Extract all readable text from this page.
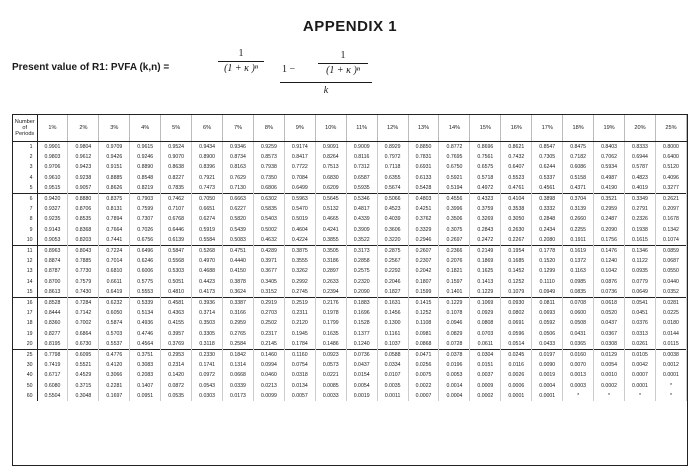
APPENDIX 1
Present value of R1: PVFA (k,n) =
1
(1 + κ )ⁿ	1 −
1
(1 + κ )ⁿ
k
Number of Periods	1%	2%	3%	4%	5%	6%	7%	8%	9%	10%	11%	12%	13%	14%	15%	16%	17%	18%	19%	20%	25%
1	0.9901	0.9804	0.9709	0.9615	0.9524	0.9434	0.9346	0.9259	0.9174	0.9091	0.9009	0.8929	0.8850	0.8772	0.8696	0.8621	0.8547	0.8475	0.8403	0.8333	0.8000
2	0.9803	0.9612	0.9426	0.9246	0.9070	0.8900	0.8734	0.8573	0.8417	0.8264	0.8116	0.7972	0.7831	0.7695	0.7561	0.7432	0.7305	0.7182	0.7062	0.6944	0.6400
3	0.9706	0.9423	0.9151	0.8890	0.8638	0.8396	0.8163	0.7938	0.7722	0.7513	0.7312	0.7118	0.6931	0.6750	0.6575	0.6407	0.6244	0.6086	0.5934	0.5787	0.5120
4	0.9610	0.9238	0.8885	0.8548	0.8227	0.7921	0.7629	0.7350	0.7084	0.6830	0.6587	0.6355	0.6133	0.5921	0.5718	0.5523	0.5337	0.5158	0.4987	0.4823	0.4096
5	0.9515	0.9057	0.8626	0.8219	0.7835	0.7473	0.7130	0.6806	0.6499	0.6209	0.5935	0.5674	0.5428	0.5194	0.4972	0.4761	0.4561	0.4371	0.4190	0.4019	0.3277
6	0.9420	0.8880	0.8375	0.7903	0.7462	0.7050	0.6663	0.6302	0.5963	0.5645	0.5346	0.5066	0.4803	0.4556	0.4323	0.4104	0.3898	0.3704	0.3521	0.3349	0.2621
7	0.9327	0.8706	0.8131	0.7599	0.7107	0.6651	0.6227	0.5835	0.5470	0.5132	0.4817	0.4523	0.4251	0.3996	0.3759	0.3538	0.3332	0.3139	0.2959	0.2791	0.2097
8	0.9235	0.8535	0.7894	0.7307	0.6768	0.6274	0.5820	0.5403	0.5019	0.4665	0.4339	0.4039	0.3762	0.3506	0.3269	0.3050	0.2848	0.2660	0.2487	0.2326	0.1678
9	0.9143	0.8368	0.7664	0.7026	0.6446	0.5919	0.5439	0.5002	0.4604	0.4241	0.3909	0.3606	0.3329	0.3075	0.2843	0.2630	0.2434	0.2255	0.2090	0.1938	0.1342
10	0.9053	0.8203	0.7441	0.6756	0.6139	0.5584	0.5083	0.4632	0.4224	0.3855	0.3522	0.3220	0.2946	0.2697	0.2472	0.2267	0.2080	0.1911	0.1756	0.1615	0.1074
11	0.8963	0.8043	0.7224	0.6496	0.5847	0.5268	0.4751	0.4289	0.3875	0.3505	0.3173	0.2875	0.2607	0.2366	0.2149	0.1954	0.1778	0.1619	0.1476	0.1346	0.0859
12	0.8874	0.7885	0.7014	0.6246	0.5568	0.4970	0.4440	0.3971	0.3555	0.3186	0.2858	0.2567	0.2307	0.2076	0.1869	0.1685	0.1520	0.1372	0.1240	0.1122	0.0687
13	0.8787	0.7730	0.6810	0.6006	0.5303	0.4688	0.4150	0.3677	0.3262	0.2897	0.2575	0.2292	0.2042	0.1821	0.1625	0.1452	0.1299	0.1163	0.1042	0.0935	0.0550
14	0.8700	0.7579	0.6611	0.5775	0.5051	0.4423	0.3878	0.3405	0.2992	0.2633	0.2320	0.2046	0.1807	0.1597	0.1413	0.1252	0.1110	0.0985	0.0876	0.0779	0.0440
15	0.8613	0.7430	0.6419	0.5553	0.4810	0.4173	0.3624	0.3152	0.2745	0.2394	0.2090	0.1827	0.1599	0.1401	0.1229	0.1079	0.0949	0.0835	0.0736	0.0649	0.0352
16	0.8528	0.7284	0.6232	0.5339	0.4581	0.3936	0.3387	0.2919	0.2519	0.2176	0.1883	0.1631	0.1415	0.1229	0.1069	0.0930	0.0811	0.0708	0.0618	0.0541	0.0281
17	0.8444	0.7142	0.6050	0.5134	0.4363	0.3714	0.3166	0.2703	0.2311	0.1978	0.1696	0.1456	0.1252	0.1078	0.0929	0.0802	0.0693	0.0600	0.0520	0.0451	0.0225
18	0.8360	0.7002	0.5874	0.4936	0.4155	0.3503	0.2959	0.2502	0.2120	0.1799	0.1528	0.1300	0.1108	0.0946	0.0808	0.0691	0.0592	0.0508	0.0437	0.0376	0.0180
19	0.8277	0.6864	0.5703	0.4746	0.3957	0.3305	0.2765	0.2317	0.1945	0.1635	0.1377	0.1161	0.0981	0.0829	0.0703	0.0596	0.0506	0.0431	0.0367	0.0313	0.0144
20	0.8195	0.6730	0.5537	0.4564	0.3769	0.3118	0.2584	0.2145	0.1784	0.1486	0.1240	0.1037	0.0868	0.0728	0.0611	0.0514	0.0433	0.0365	0.0308	0.0261	0.0115
25	0.7798	0.6095	0.4776	0.3751	0.2953	0.2330	0.1842	0.1460	0.1160	0.0923	0.0736	0.0588	0.0471	0.0378	0.0304	0.0245	0.0197	0.0160	0.0129	0.0105	0.0038
30	0.7419	0.5521	0.4120	0.3083	0.2314	0.1741	0.1314	0.0994	0.0754	0.0573	0.0437	0.0334	0.0256	0.0196	0.0151	0.0116	0.0090	0.0070	0.0054	0.0042	0.0012
40	0.6717	0.4529	0.3066	0.2083	0.1420	0.0972	0.0668	0.0460	0.0318	0.0221	0.0154	0.0107	0.0075	0.0053	0.0037	0.0026	0.0019	0.0013	0.0010	0.0007	0.0001
50	0.6080	0.3715	0.2281	0.1407	0.0872	0.0543	0.0339	0.0213	0.0134	0.0085	0.0054	0.0035	0.0022	0.0014	0.0009	0.0006	0.0004	0.0003	0.0002	0.0001	*
60	0.5504	0.3048	0.1697	0.0951	0.0535	0.0303	0.0173	0.0099	0.0057	0.0033	0.0019	0.0011	0.0007	0.0004	0.0002	0.0001	0.0001	*	*	*	*
